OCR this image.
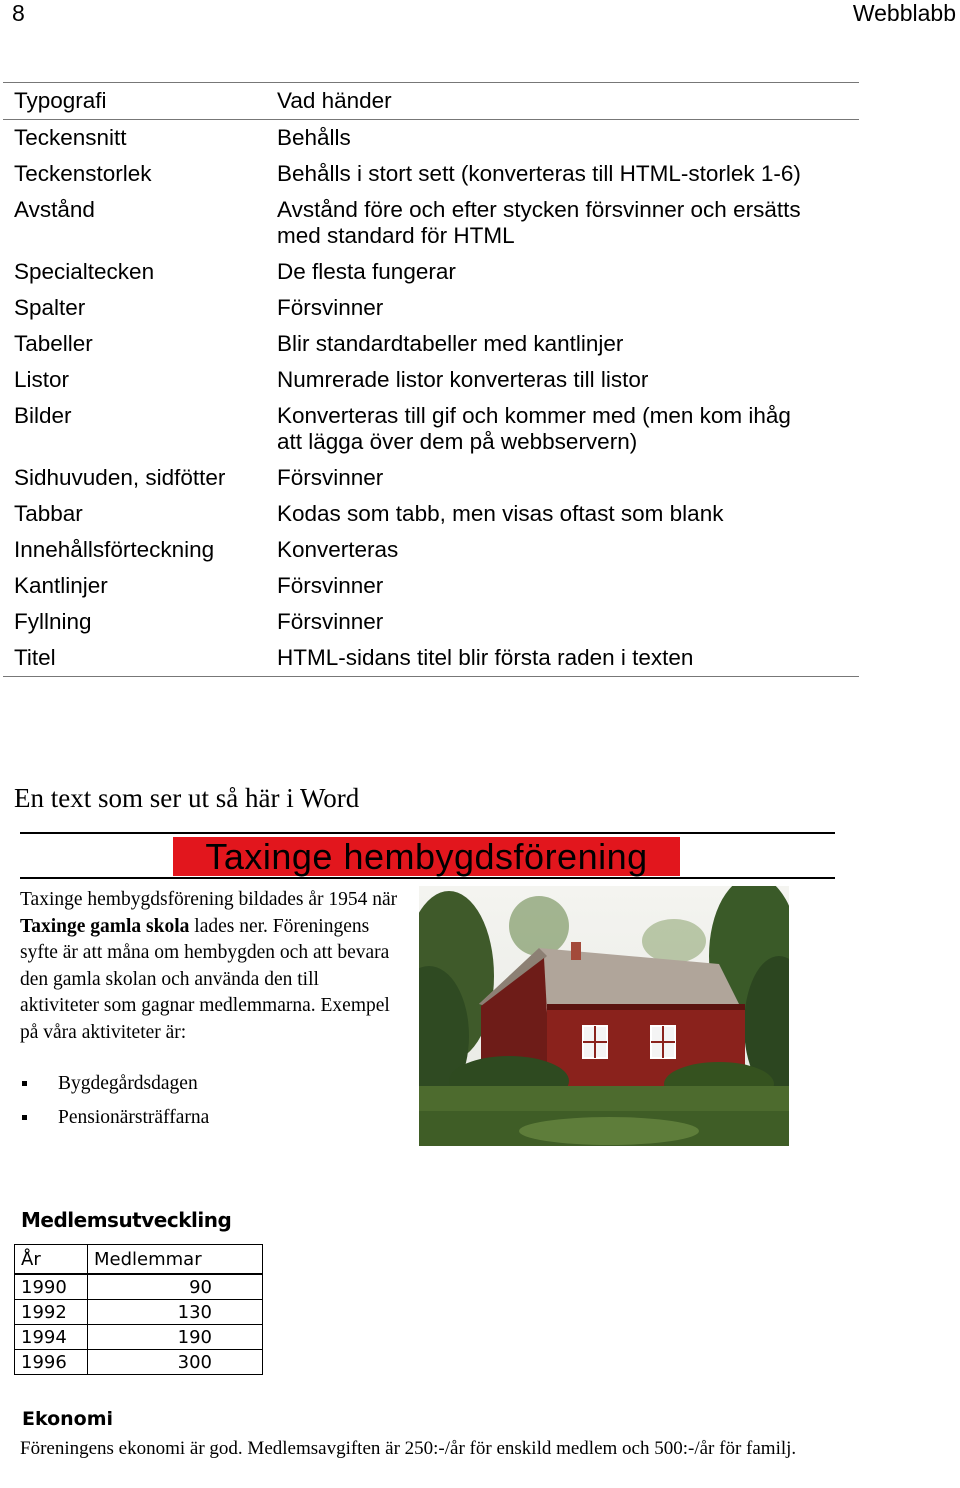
8	Webblabb
Typografi	Vad händer
Teckensnitt	Behålls
Teckenstorlek	Behålls i stort sett (konverteras till HTML-storlek 1-6)
Avstånd	Avstånd före och efter stycken försvinner och ersätts med standard för HTML
Specialtecken	De flesta fungerar
Spalter	Försvinner
Tabeller	Blir standardtabeller med kantlinjer
Listor	Numrerade listor konverteras till listor
Bilder	Konverteras till gif och kommer med (men kom ihåg att lägga över dem på webbservern)
Sidhuvuden, sidfötter	Försvinner
Tabbar	Kodas som tabb, men visas oftast som blank
Innehållsförteckning	Konverteras
Kantlinjer	Försvinner
Fyllning	Försvinner
Titel	HTML-sidans titel blir första raden i texten
En text som ser ut så här i Word
Taxinge hembygdsförening
Taxinge hembygdsförening bildades år 1954 när Taxinge gamla skola lades ner. Föreningens syfte är att måna om hembygden och att bevara den gamla skolan och använda den till aktiviteter som gagnar medlemmarna. Exempel på våra aktiviteter är:
Bygdegårdsdagen
Pensionärsträffarna
Medlemsutveckling
År	Medlemmar
1990	90
1992	130
1994	190
1996	300
Ekonomi
Föreningens ekonomi är god. Medlemsavgiften är 250:-/år för enskild medlem och 500:-/år för familj.
